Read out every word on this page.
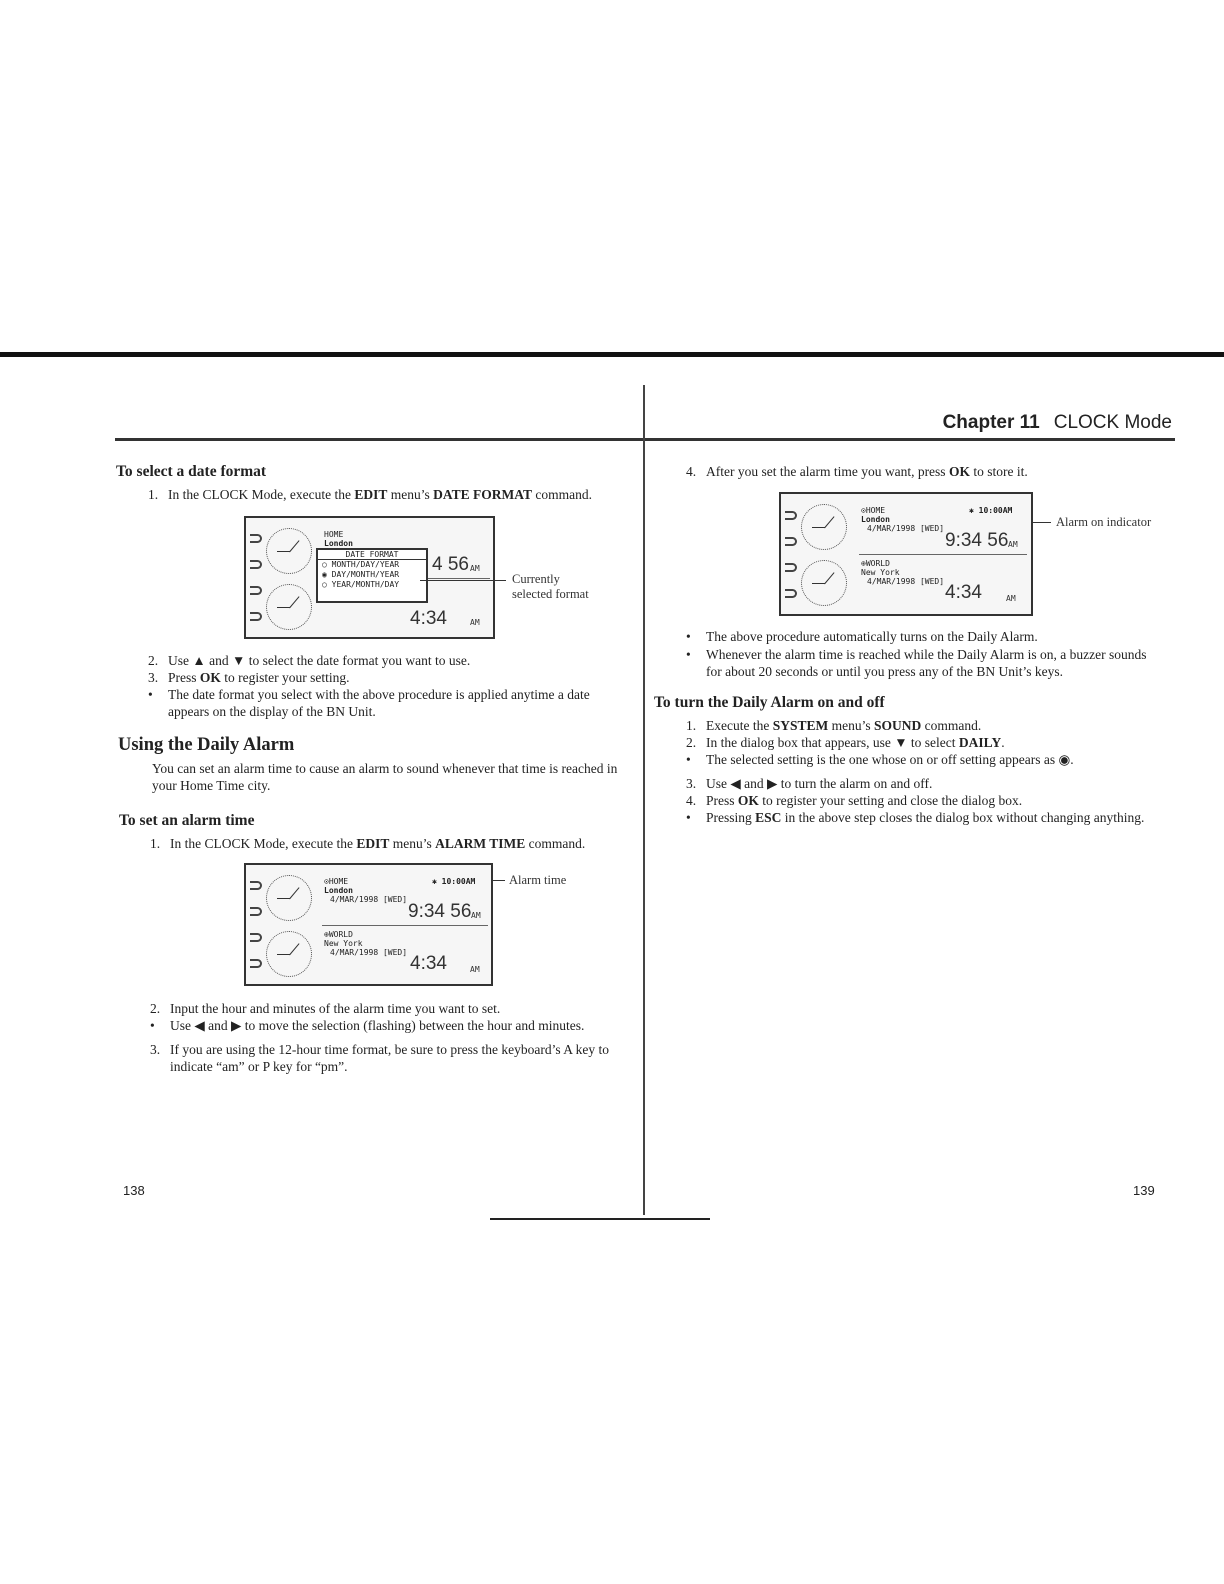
Chapter 11 CLOCK Mode
To select a date format
1. In the CLOCK Mode, execute the EDIT menu’s DATE FORMAT command.
HOME
London
4 56 AM
4:34	AM
DATE FORMAT
○ MONTH/DAY/YEAR
◉ DAY/MONTH/YEAR
○ YEAR/MONTH/DAY	Currently selected format
2. Use ▲ and ▼ to select the date format you want to use.
3. Press OK to register your setting.
•	The date format you select with the above procedure is applied anytime a date appears on the display of the BN Unit.
Using the Daily Alarm

You can set an alarm time to cause an alarm to sound whenever that time is reached in your Home Time city.

To set an alarm time
1. In the CLOCK Mode, execute the EDIT menu’s ALARM TIME command.
⊙HOME	✱ 10:00AM
London
4/MAR/1998 [WED]
9:34 56 AM
⊕WORLD
New York
4/MAR/1998 [WED]
4:34	AM
Alarm time
2. Input the hour and minutes of the alarm time you want to set.
• Use ◀ and ▶ to move the selection (flashing) between the hour and minutes.
3. If you are using the 12-hour time format, be sure to press the keyboard’s A key to indicate “am” or P key for “pm”.
138
4. After you set the alarm time you want, press OK to store it.
⊙HOME	✱ 10:00AM
London
4/MAR/1998 [WED]
9:34 56 AM
⊕WORLD
New York
4/MAR/1998 [WED]
4:34	AM
Alarm on indicator
• The above procedure automatically turns on the Daily Alarm.
•	Whenever the alarm time is reached while the Daily Alarm is on, a buzzer sounds for about 20 seconds or until you press any of the BN Unit’s keys.
To turn the Daily Alarm on and off
1. Execute the SYSTEM menu’s SOUND command.
2. In the dialog box that appears, use ▼ to select DAILY.
• The selected setting is the one whose on or off setting appears as ◉.
3. Use ◀ and ▶ to turn the alarm on and off.
4. Press OK to register your setting and close the dialog box.
• Pressing ESC in the above step closes the dialog box without changing anything.
139
